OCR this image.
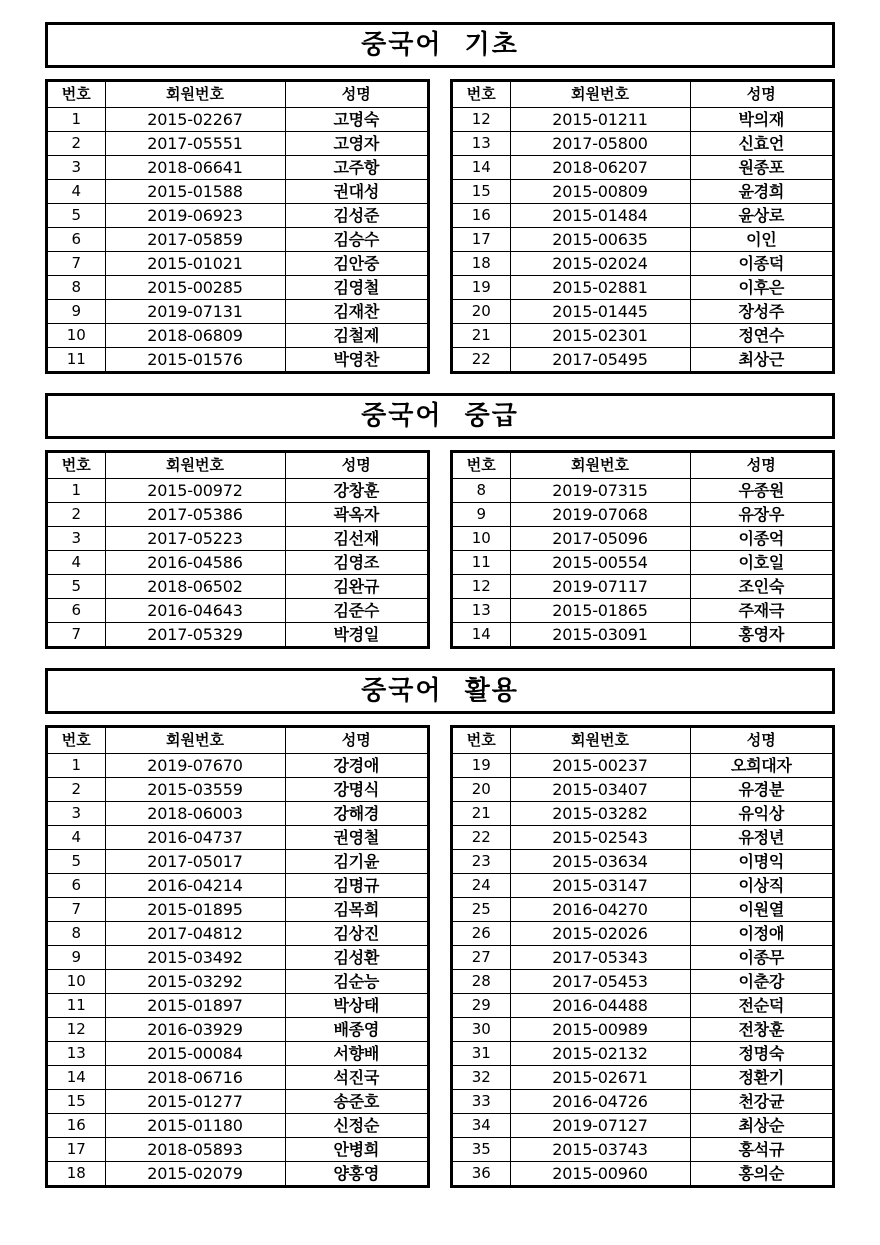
중국어  기초
번호	회원번호	성명
1	2015-02267	고명숙
2	2017-05551	고영자
3	2018-06641	고주항
4	2015-01588	권대성
5	2019-06923	김성준
6	2017-05859	김승수
7	2015-01021	김안중
8	2015-00285	김영철
9	2019-07131	김재찬
10	2018-06809	김철제
11	2015-01576	박영찬
번호	회원번호	성명
12	2015-01211	박의재
13	2017-05800	신효언
14	2018-06207	원종포
15	2015-00809	윤경희
16	2015-01484	윤상로
17	2015-00635	이인
18	2015-02024	이종덕
19	2015-02881	이후은
20	2015-01445	장성주
21	2015-02301	정연수
22	2017-05495	최상근
중국어  중급
번호	회원번호	성명
1	2015-00972	강창훈
2	2017-05386	곽옥자
3	2017-05223	김선재
4	2016-04586	김영조
5	2018-06502	김완규
6	2016-04643	김준수
7	2017-05329	박경일
번호	회원번호	성명
8	2019-07315	우종원
9	2019-07068	유장우
10	2017-05096	이종억
11	2015-00554	이호일
12	2019-07117	조인숙
13	2015-01865	주재극
14	2015-03091	홍영자
중국어  활용
번호	회원번호	성명
1	2019-07670	강경애
2	2015-03559	강명식
3	2018-06003	강해경
4	2016-04737	권영철
5	2017-05017	김기윤
6	2016-04214	김명규
7	2015-01895	김목희
8	2017-04812	김상진
9	2015-03492	김성환
10	2015-03292	김순능
11	2015-01897	박상태
12	2016-03929	배종영
13	2015-00084	서향배
14	2018-06716	석진국
15	2015-01277	송준호
16	2015-01180	신정순
17	2018-05893	안병희
18	2015-02079	양홍영
번호	회원번호	성명
19	2015-00237	오희대자
20	2015-03407	유경분
21	2015-03282	유익상
22	2015-02543	유정년
23	2015-03634	이명익
24	2015-03147	이상직
25	2016-04270	이원열
26	2015-02026	이정애
27	2017-05343	이종무
28	2017-05453	이춘강
29	2016-04488	전순덕
30	2015-00989	전창훈
31	2015-02132	정명숙
32	2015-02671	정환기
33	2016-04726	천강균
34	2019-07127	최상순
35	2015-03743	홍석규
36	2015-00960	홍의순
